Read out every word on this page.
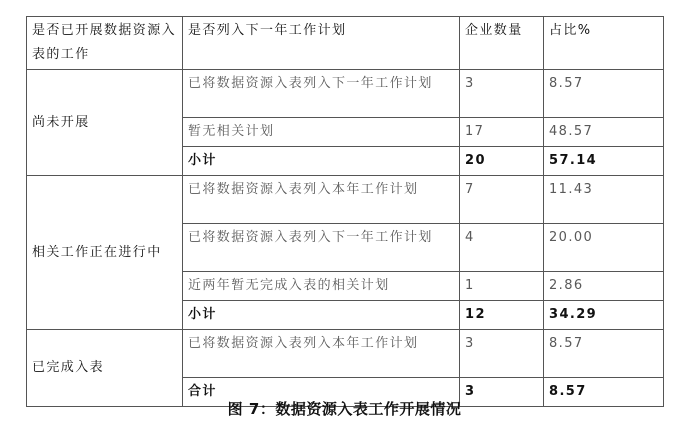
是否已开展数据资源入表的工作	是否列入下一年工作计划	企业数量	占比%
尚未开展	已将数据资源入表列入下一年工作计划	3	8.57
	暂无相关计划	17	48.57
	小计	20	57.14
相关工作正在进行中	已将数据资源入表列入本年工作计划	7	11.43
	已将数据资源入表列入下一年工作计划	4	20.00
	近两年暂无完成入表的相关计划	1	2.86
	小计	12	34.29
已完成入表	已将数据资源入表列入本年工作计划	3	8.57
	合计	3	8.57
图 7：数据资源入表工作开展情况
